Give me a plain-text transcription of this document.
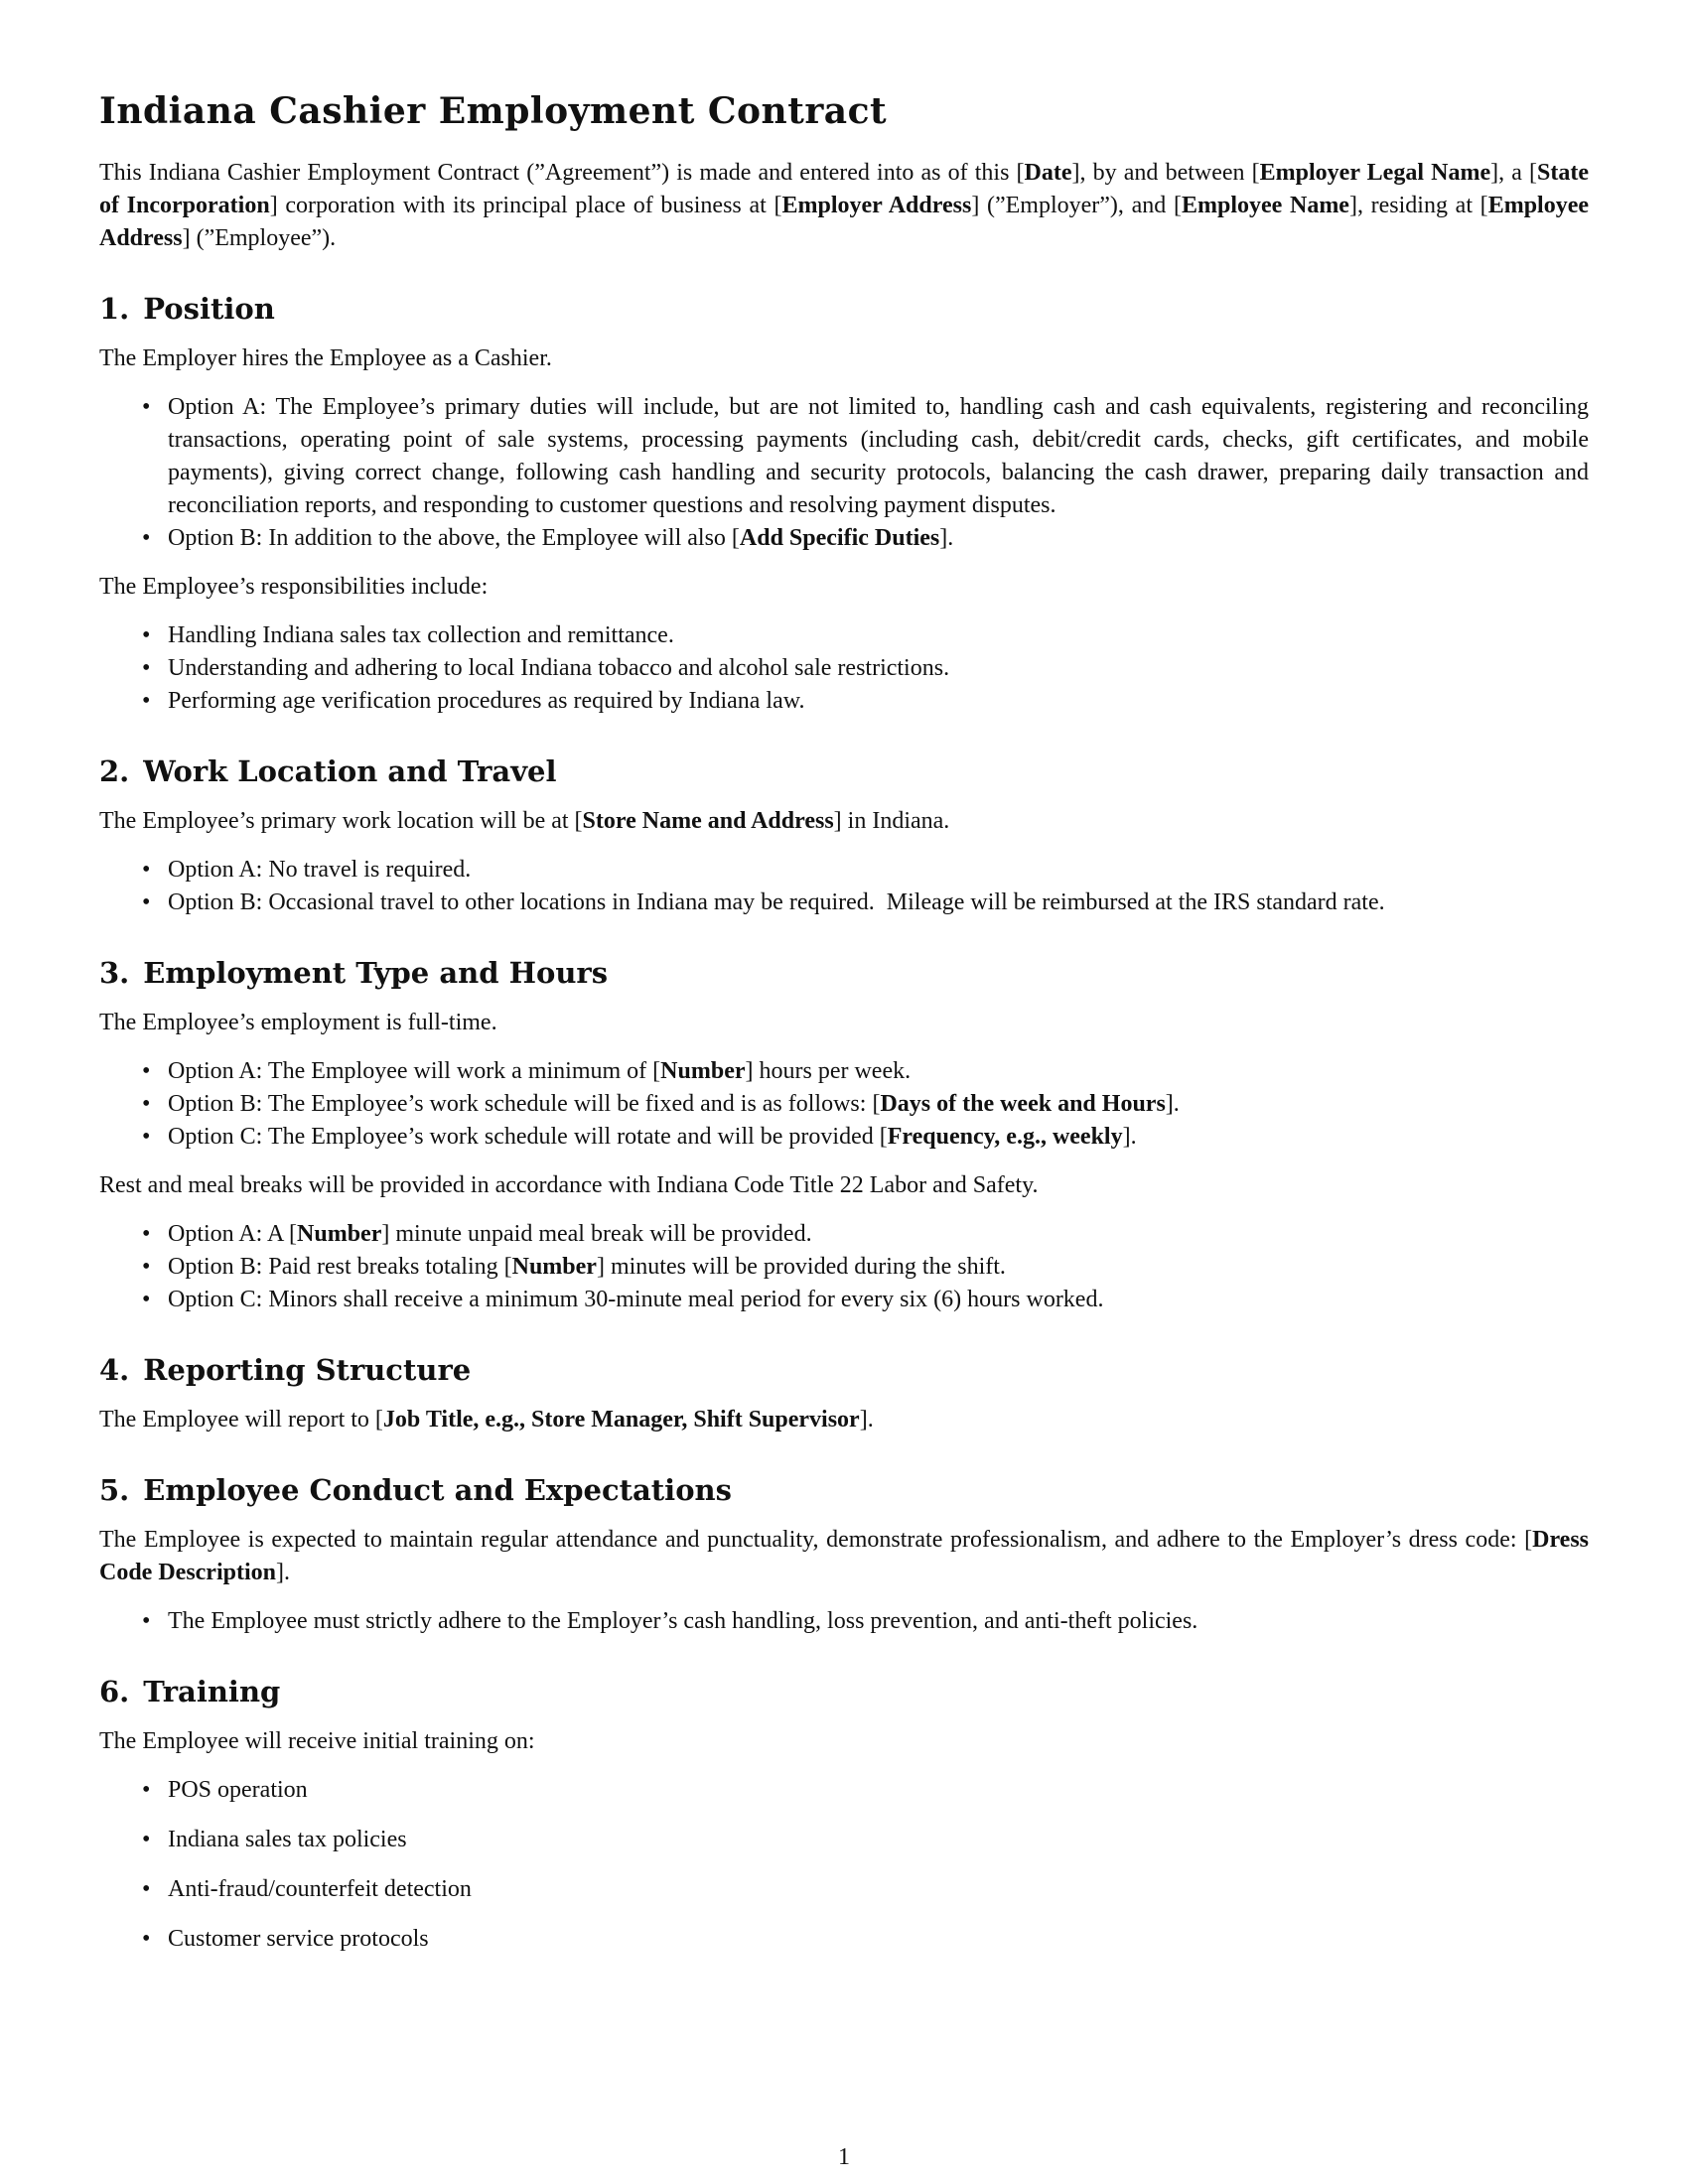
Indiana Cashier Employment Contract

This Indiana Cashier Employment Contract (”Agreement”) is made and entered into as of this [Date], by and between [Employer Legal Name], a [State of Incorporation] corporation with its principal place of business at [Employer Address] (”Employer”), and [Employee Name], residing at [Employee Address] (”Employee”).

1. Position

The Employer hires the Employee as a Cashier.

• Option A: The Employee’s primary duties will include, but are not limited to, handling cash and cash equivalents, registering and reconciling transactions, operating point of sale systems, processing payments (including cash, debit/credit cards, checks, gift certificates, and mobile payments), giving correct change, following cash handling and security protocols, balancing the cash drawer, preparing daily transaction and reconciliation reports, and responding to customer questions and resolving payment disputes.
• Option B: In addition to the above, the Employee will also [Add Specific Duties].

The Employee’s responsibilities include:

• Handling Indiana sales tax collection and remittance.
• Understanding and adhering to local Indiana tobacco and alcohol sale restrictions.
• Performing age verification procedures as required by Indiana law.
2. Work Location and Travel

The Employee’s primary work location will be at [Store Name and Address] in Indiana.

• Option A: No travel is required.
• Option B: Occasional travel to other locations in Indiana may be required.  Mileage will be reimbursed at the IRS standard rate.
3. Employment Type and Hours

The Employee’s employment is full-time.

• Option A: The Employee will work a minimum of [Number] hours per week.
• Option B: The Employee’s work schedule will be fixed and is as follows: [Days of the week and Hours].
• Option C: The Employee’s work schedule will rotate and will be provided [Frequency, e.g., weekly].

Rest and meal breaks will be provided in accordance with Indiana Code Title 22 Labor and Safety.

• Option A: A [Number] minute unpaid meal break will be provided.
• Option B: Paid rest breaks totaling [Number] minutes will be provided during the shift.
• Option C: Minors shall receive a minimum 30-minute meal period for every six (6) hours worked.
4. Reporting Structure

The Employee will report to [Job Title, e.g., Store Manager, Shift Supervisor].

5. Employee Conduct and Expectations

The Employee is expected to maintain regular attendance and punctuality, demonstrate professionalism, and adhere to the Employer’s dress code: [Dress Code Description].

• The Employee must strictly adhere to the Employer’s cash handling, loss prevention, and anti-theft policies.
6. Training

The Employee will receive initial training on:

• POS operation
• Indiana sales tax policies
• Anti-fraud/counterfeit detection
• Customer service protocols
1
